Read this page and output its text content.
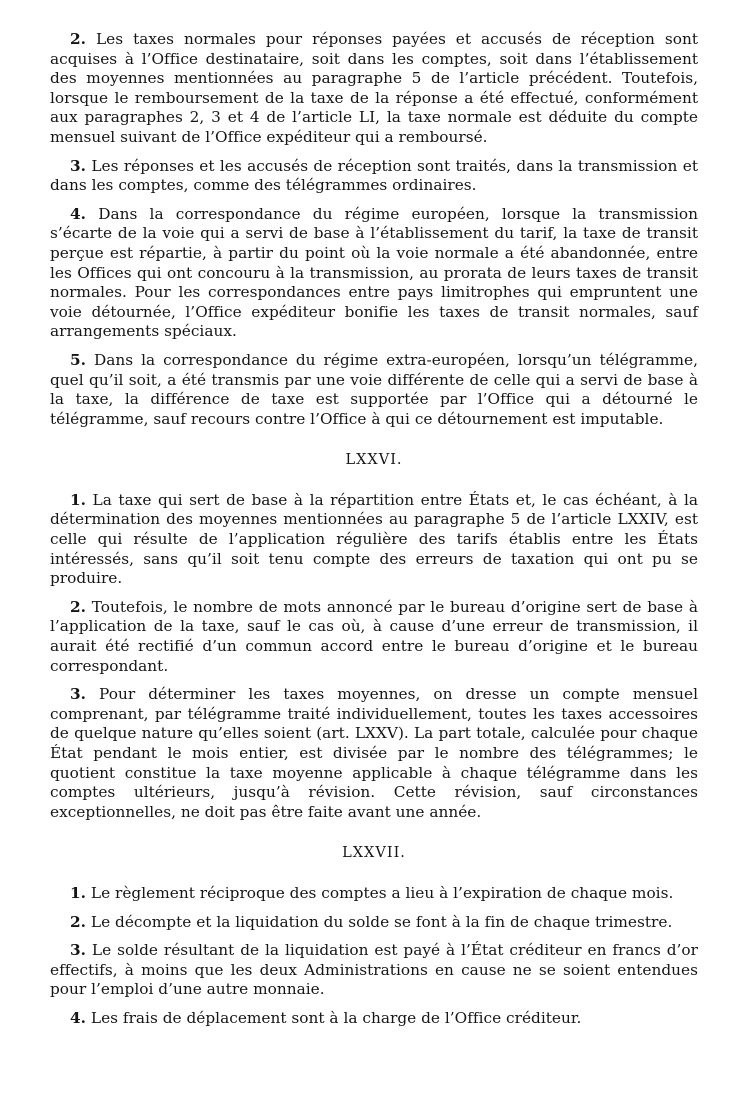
2. Les taxes normales pour réponses payées et accusés de réception sont acquises à l’Office destinataire, soit dans les comptes, soit dans l’établissement des moyennes mentionnées au paragraphe 5 de l’article précédent. Toutefois, lorsque le remboursement de la taxe de la réponse a été effectué, conformément aux paragraphes 2, 3 et 4 de l’article LI, la taxe normale est déduite du compte mensuel suivant de l’Office expéditeur qui a remboursé.

3. Les réponses et les accusés de réception sont traités, dans la transmission et dans les comptes, comme des télégrammes ordinaires.

4. Dans la correspondance du régime européen, lorsque la transmission s’écarte de la voie qui a servi de base à l’établissement du tarif, la taxe de transit perçue est répartie, à partir du point où la voie normale a été abandonnée, entre les Offices qui ont concouru à la transmission, au prorata de leurs taxes de transit normales. Pour les correspondances entre pays limitrophes qui empruntent une voie détournée, l’Office expéditeur bonifie les taxes de transit normales, sauf arrangements spéciaux.

5. Dans la correspondance du régime extra-européen, lorsqu’un télégramme, quel qu’il soit, a été transmis par une voie différente de celle qui a servi de base à la taxe, la différence de taxe est supportée par l’Office qui a détourné le télégramme, sauf recours contre l’Office à qui ce détournement est imputable.

LXXVI.

1. La taxe qui sert de base à la répartition entre États et, le cas échéant, à la détermination des moyennes mentionnées au paragraphe 5 de l’article LXXIV, est celle qui résulte de l’application régulière des tarifs établis entre les États intéressés, sans qu’il soit tenu compte des erreurs de taxation qui ont pu se produire.

2. Toutefois, le nombre de mots annoncé par le bureau d’origine sert de base à l’application de la taxe, sauf le cas où, à cause d’une erreur de transmission, il aurait été rectifié d’un commun accord entre le bureau d’origine et le bureau correspondant.

3. Pour déterminer les taxes moyennes, on dresse un compte mensuel comprenant, par télégramme traité individuellement, toutes les taxes accessoires de quelque nature qu’elles soient (art. LXXV). La part totale, calculée pour chaque État pendant le mois entier, est divisée par le nombre des télégrammes; le quotient constitue la taxe moyenne applicable à chaque télégramme dans les comptes ultérieurs, jusqu’à révision. Cette révision, sauf circonstances exceptionnelles, ne doit pas être faite avant une année.

LXXVII.

1. Le règlement réciproque des comptes a lieu à l’expiration de chaque mois.

2. Le décompte et la liquidation du solde se font à la fin de chaque trimestre.

3. Le solde résultant de la liquidation est payé à l’État créditeur en francs d’or effectifs, à moins que les deux Administrations en cause ne se soient entendues pour l’emploi d’une autre monnaie.

4. Les frais de déplacement sont à la charge de l’Office créditeur.
